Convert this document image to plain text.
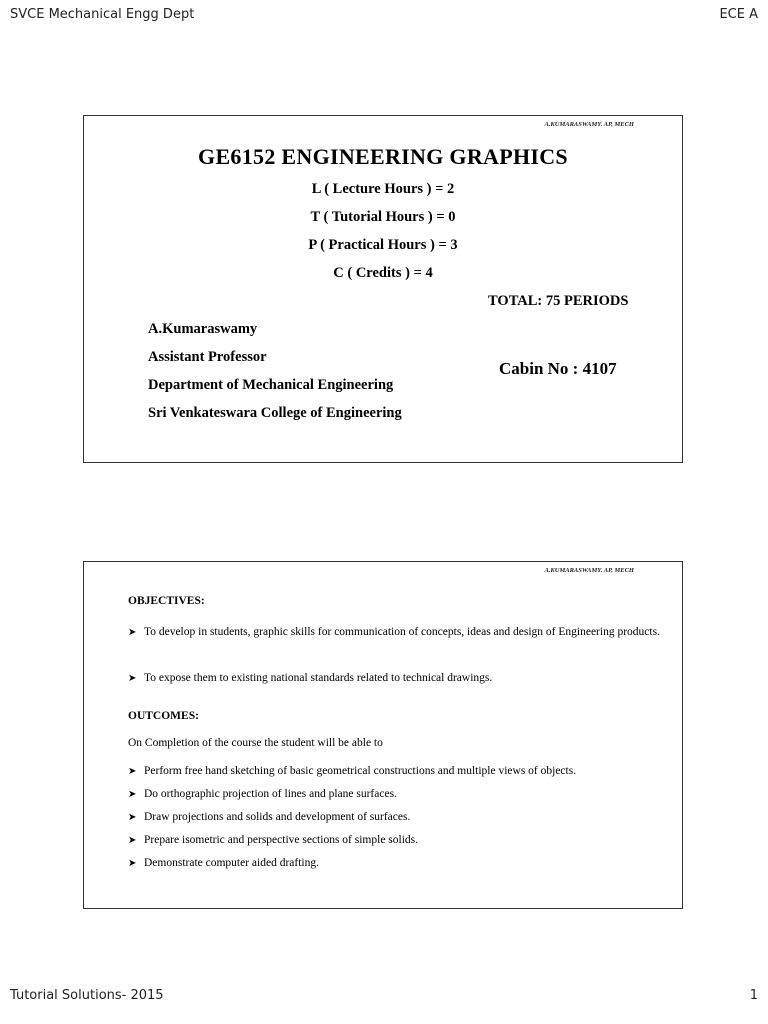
SVCE Mechanical Engg Dept	ECE A
A.KUMARASWAMY. AP, MECH
GE6152 ENGINEERING GRAPHICS
L ( Lecture Hours ) = 2
T ( Tutorial Hours ) = 0
P ( Practical Hours ) = 3
C ( Credits ) = 4
TOTAL: 75 PERIODS
A.Kumaraswamy
Assistant Professor
Department of Mechanical Engineering
Sri Venkateswara College of Engineering
Cabin No : 4107
A.KUMARASWAMY. AP, MECH
OBJECTIVES:
➤ To develop in students, graphic skills for communication of concepts, ideas and design of Engineering products.
➤ To expose them to existing national standards related to technical drawings.
OUTCOMES:
On Completion of the course the student will be able to
➤ Perform free hand sketching of basic geometrical constructions and multiple views of objects.
➤ Do orthographic projection of lines and plane surfaces.
➤ Draw projections and solids and development of surfaces.
➤ Prepare isometric and perspective sections of simple solids.
➤ Demonstrate computer aided drafting.
Tutorial Solutions- 2015	1
